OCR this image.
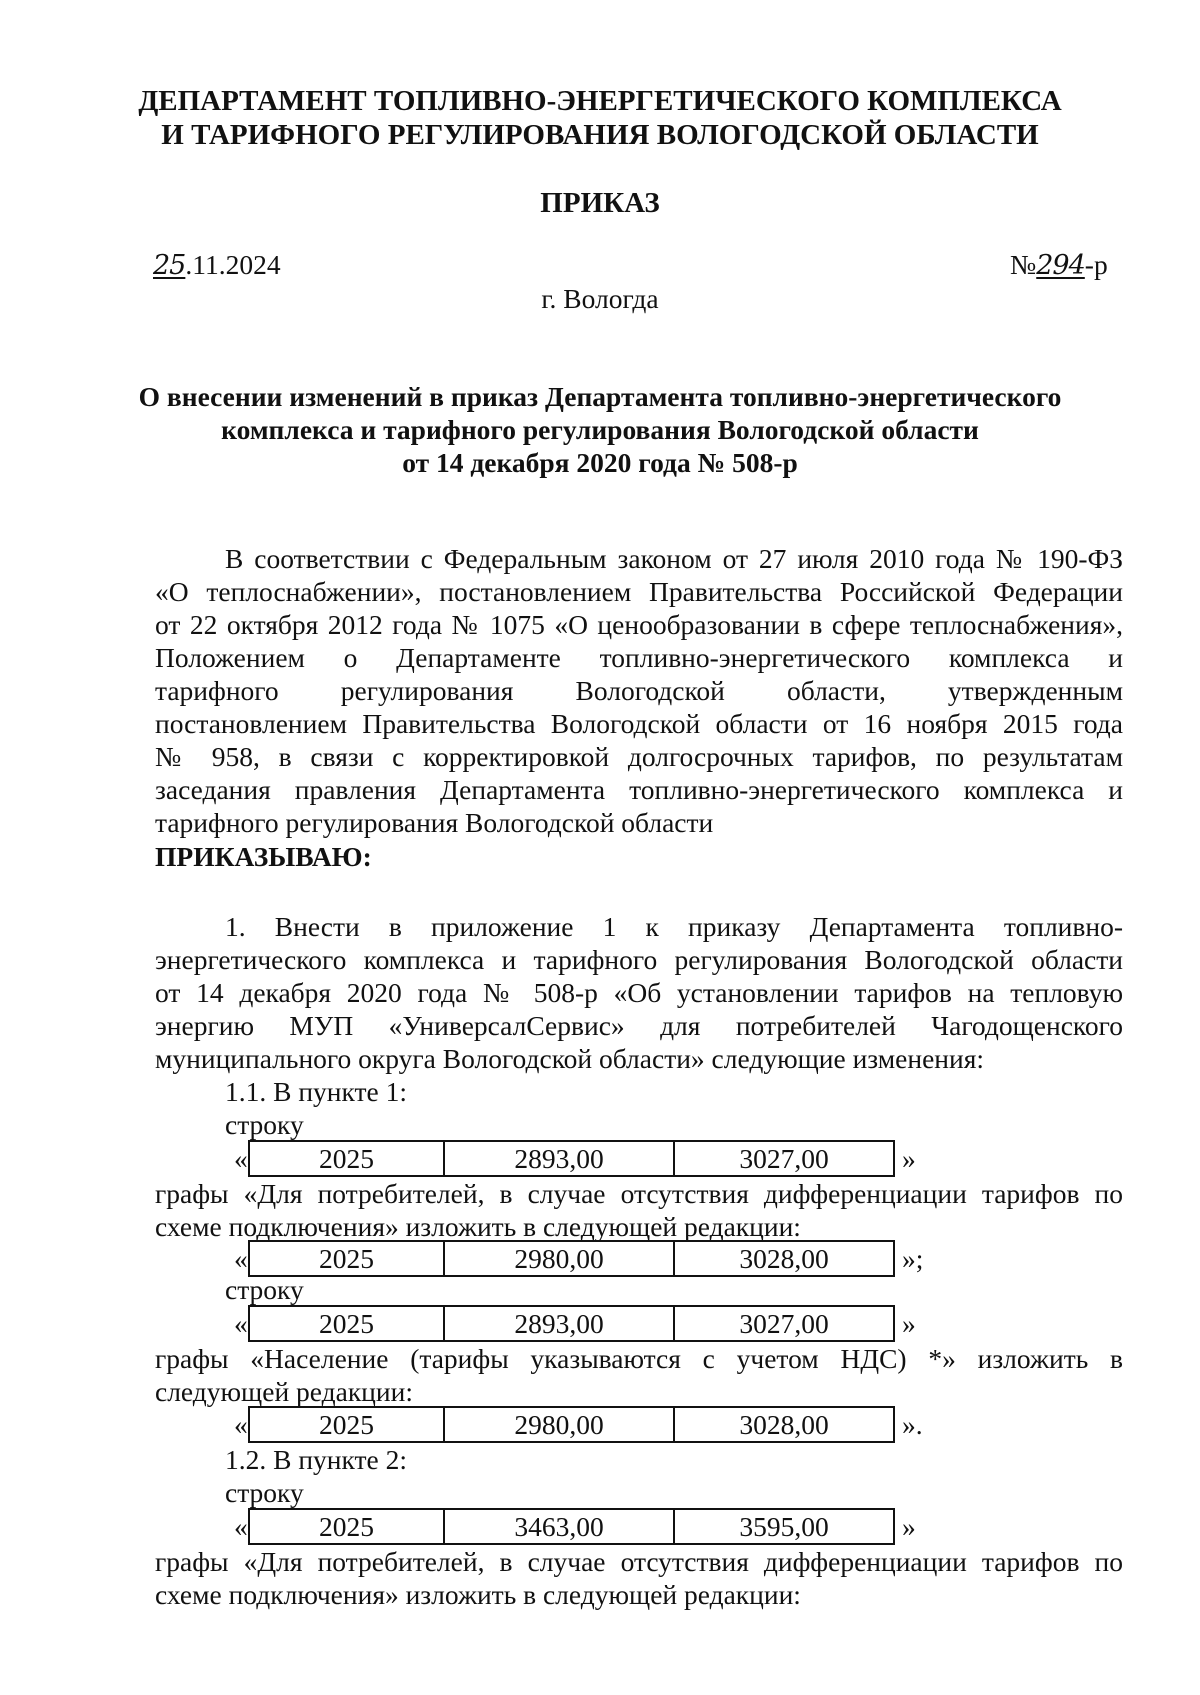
ДЕПАРТАМЕНТ ТОПЛИВНО-ЭНЕРГЕТИЧЕСКОГО КОМПЛЕКСА
И ТАРИФНОГО РЕГУЛИРОВАНИЯ ВОЛОГОДСКОЙ ОБЛАСТИ
ПРИКАЗ
25.11.2024	№294-р
г. Вологда
О внесении изменений в приказ Департамента топливно-энергетического
комплекса и тарифного регулирования Вологодской области
от 14 декабря 2020 года № 508-р
В соответствии с Федеральным законом от 27 июля 2010 года № 190-ФЗ
«О теплоснабжении», постановлением Правительства Российской Федерации
от 22 октября 2012 года № 1075 «О ценообразовании в сфере теплоснабжения»,
Положением о Департаменте топливно-энергетического комплекса и
тарифного регулирования Вологодской области, утвержденным
постановлением Правительства Вологодской области от 16 ноября 2015 года
№ 958, в связи с корректировкой долгосрочных тарифов, по результатам
заседания правления Департамента топливно-энергетического комплекса и
тарифного регулирования Вологодской области
ПРИКАЗЫВАЮ:
1. Внести в приложение 1 к приказу Департамента топливно-
энергетического комплекса и тарифного регулирования Вологодской области
от 14 декабря 2020 года № 508-р «Об установлении тарифов на тепловую
энергию МУП «УниверсалСервис» для потребителей Чагодощенского
муниципального округа Вологодской области» следующие изменения:
1.1. В пункте 1:
строку
«	2025	2893,00	3027,00	»
графы «Для потребителей, в случае отсутствия дифференциации тарифов по
схеме подключения» изложить в следующей редакции:
«	2025	2980,00	3028,00	»;
строку
«	2025	2893,00	3027,00	»
графы «Население (тарифы указываются с учетом НДС) *» изложить в
следующей редакции:
«	2025	2980,00	3028,00	».
1.2. В пункте 2:
строку
«	2025	3463,00	3595,00	»
графы «Для потребителей, в случае отсутствия дифференциации тарифов по
схеме подключения» изложить в следующей редакции:
